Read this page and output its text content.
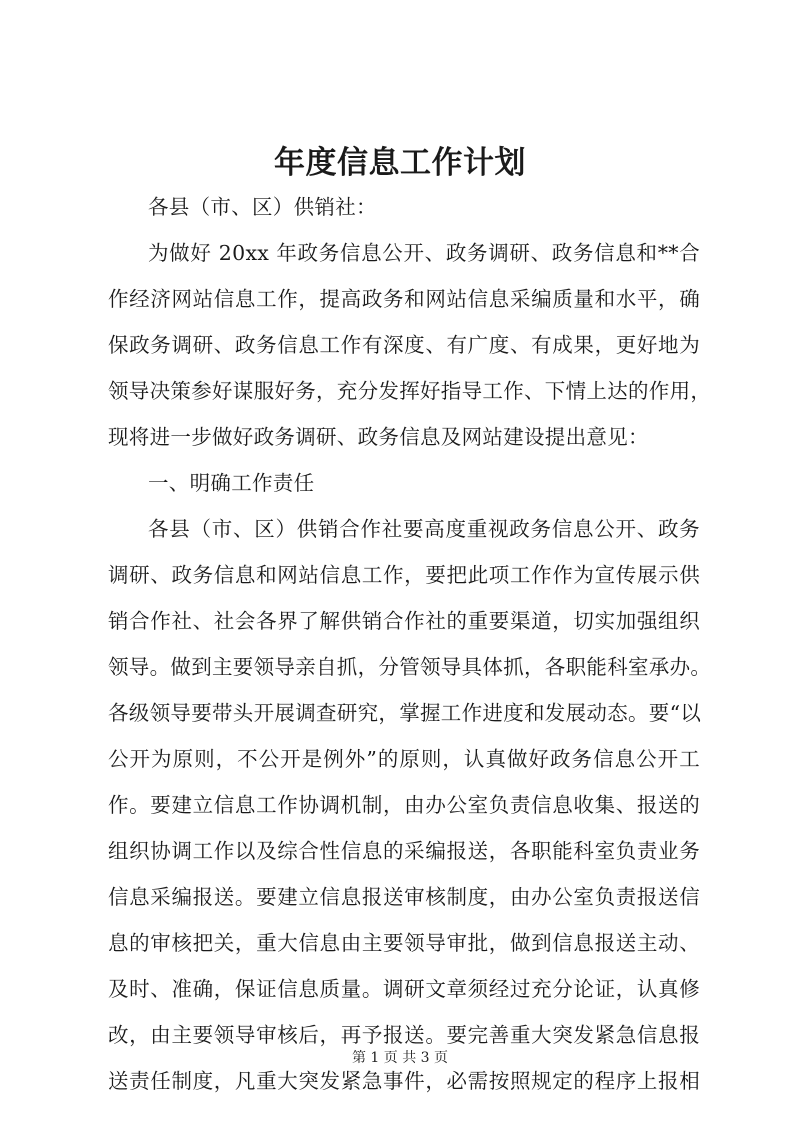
年度信息工作计划
各县（市、区）供销社：
为做好 20xx 年政务信息公开、政务调研、政务信息和**合
作经济网站信息工作，提高政务和网站信息采编质量和水平，确
保政务调研、政务信息工作有深度、有广度、有成果，更好地为
领导决策参好谋服好务，充分发挥好指导工作、下情上达的作用，
现将进一步做好政务调研、政务信息及网站建设提出意见：
一、明确工作责任
各县（市、区）供销合作社要高度重视政务信息公开、政务
调研、政务信息和网站信息工作，要把此项工作作为宣传展示供
销合作社、社会各界了解供销合作社的重要渠道，切实加强组织
领导。做到主要领导亲自抓，分管领导具体抓，各职能科室承办。
各级领导要带头开展调查研究，掌握工作进度和发展动态。要“以
公开为原则，不公开是例外”的原则，认真做好政务信息公开工
作。要建立信息工作协调机制，由办公室负责信息收集、报送的
组织协调工作以及综合性信息的采编报送，各职能科室负责业务
信息采编报送。要建立信息报送审核制度，由办公室负责报送信
息的审核把关，重大信息由主要领导审批，做到信息报送主动、
及时、准确，保证信息质量。调研文章须经过充分论证，认真修
改，由主要领导审核后，再予报送。要完善重大突发紧急信息报
送责任制度，凡重大突发紧急事件，必需按照规定的程序上报相
第 1 页 共 3 页
